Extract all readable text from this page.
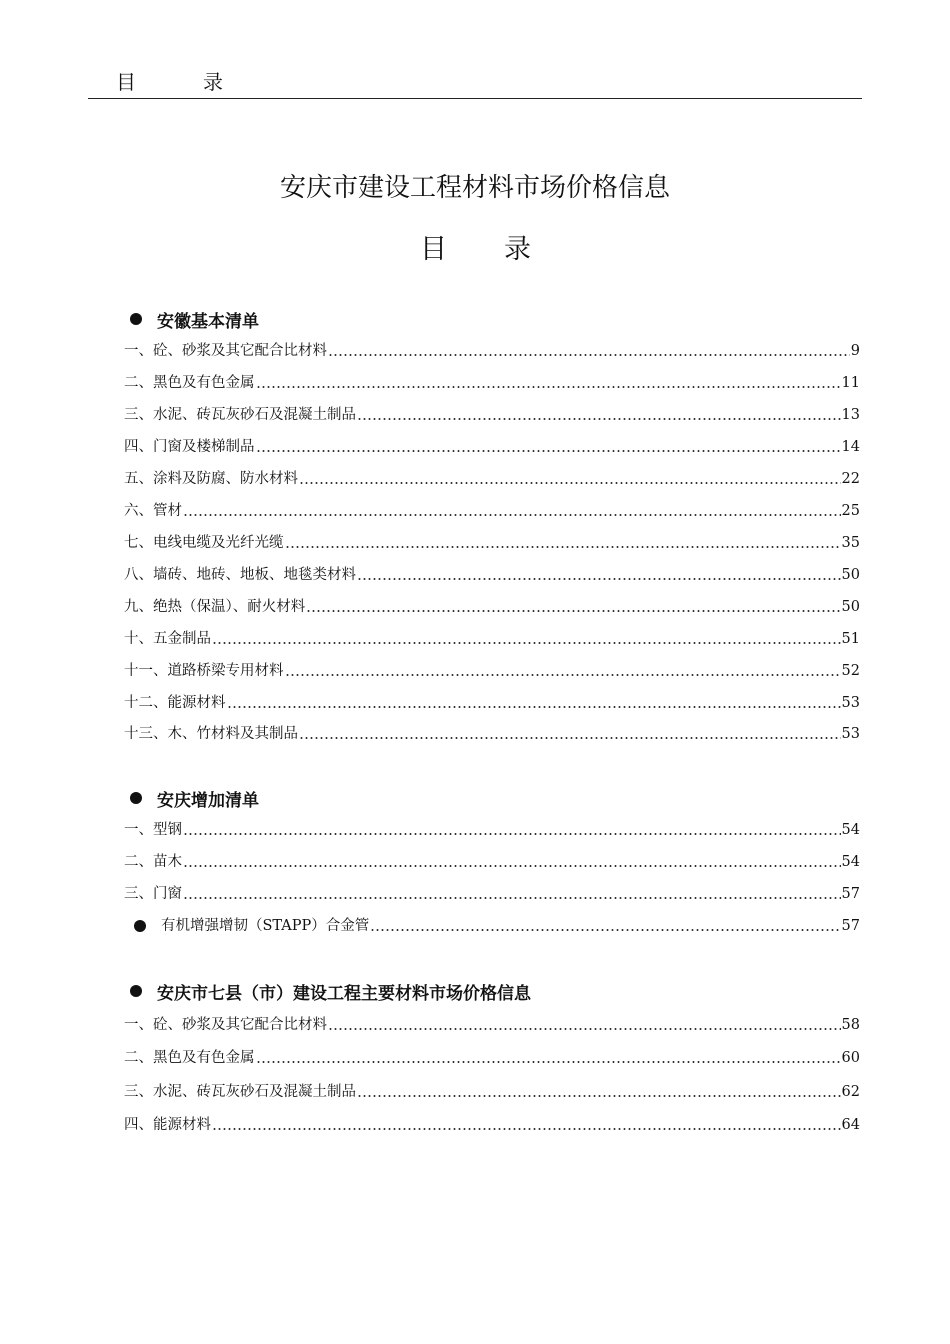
目	录
安庆市建设工程材料市场价格信息
目 录
安徽基本清单
一、砼、砂浆及其它配合比材料	9
二、黑色及有色金属	11
三、水泥、砖瓦灰砂石及混凝土制品	13
四、门窗及楼梯制品	14
五、涂料及防腐、防水材料	22
六、管材	25
七、电线电缆及光纤光缆	35
八、墙砖、地砖、地板、地毯类材料	50
九、绝热（保温）、耐火材料	50
十、五金制品	51
十一、道路桥梁专用材料	52
十二、能源材料	53
十三、木、竹材料及其制品	53
安庆增加清单
一、型钢	54
二、苗木	54
三、门窗	57
有机增强增韧（STAPP）合金管	57
安庆市七县（市）建设工程主要材料市场价格信息
一、砼、砂浆及其它配合比材料	58
二、黑色及有色金属	60
三、水泥、砖瓦灰砂石及混凝土制品	62
四、能源材料	64
